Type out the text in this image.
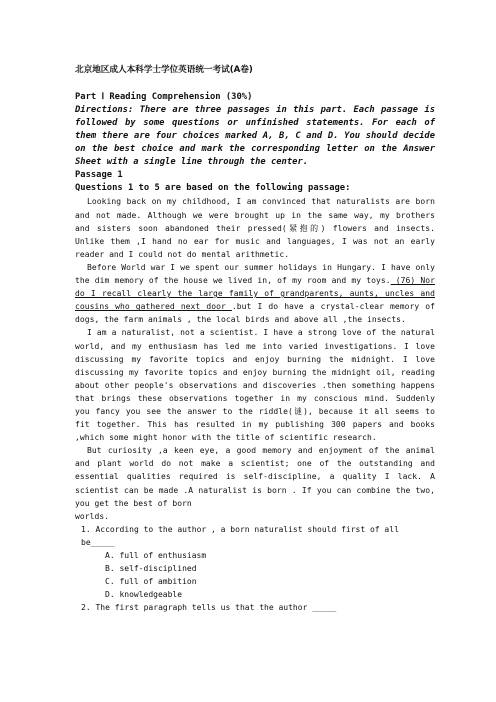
北京地区成人本科学士学位英语统一考试(A卷)
Part Ⅰ Reading Comprehension (30%)
Directions: There are three passages in this part. Each passage is followed by some questions or unfinished statements. For each of them there are four choices marked A, B, C and D. You should decide on the best choice and mark the corresponding letter on the Answer Sheet with a single line through the center.
Passage 1
Questions 1 to 5 are based on the following passage:

Looking back on my childhood, I am convinced that naturalists are born and not made. Although we were brought up in the same way, my brothers and sisters soon abandoned their pressed(紧抱的) flowers and insects. Unlike them ,I hand no ear for music and languages, I was not an early reader and I could not do mental arithmetic.

Before World war I we spent our summer holidays in Hungary. I have only the dim memory of the house we lived in, of my room and my toys. (76) Nor do I recall clearly the large family of grandparents, aunts, uncles and cousins who gathered next door .but I do have a crystal-clear memory of dogs, the farm animals , the local birds and above all ,the insects.

I am a naturalist, not a scientist. I have a strong love of the natural world, and my enthusiasm has led me into varied investigations. I love discussing my favorite topics and enjoy burning the midnight. I love discussing my favorite topics and enjoy burning the midnight oil, reading about other people's observations and discoveries .then something happens that brings these observations together in my conscious mind. Suddenly you fancy you see the answer to the riddle(谜), because it all seems to fit together. This has resulted in my publishing 300 papers and books ,which some might honor with the title of scientific research.

But curiosity ,a keen eye, a good memory and enjoyment of the animal and plant world do not make a scientist; one of the outstanding and essential qualities required is self-discipline, a quality I lack. A scientist can be made .A naturalist is born . If you can combine the two, you get the best of born

worlds.

1. According to the author , a born naturalist should first of all be_____

A. full of enthusiasm

B. self-disciplined

C. full of ambition

D. knowledgeable

2. The first paragraph tells us that the author _____
